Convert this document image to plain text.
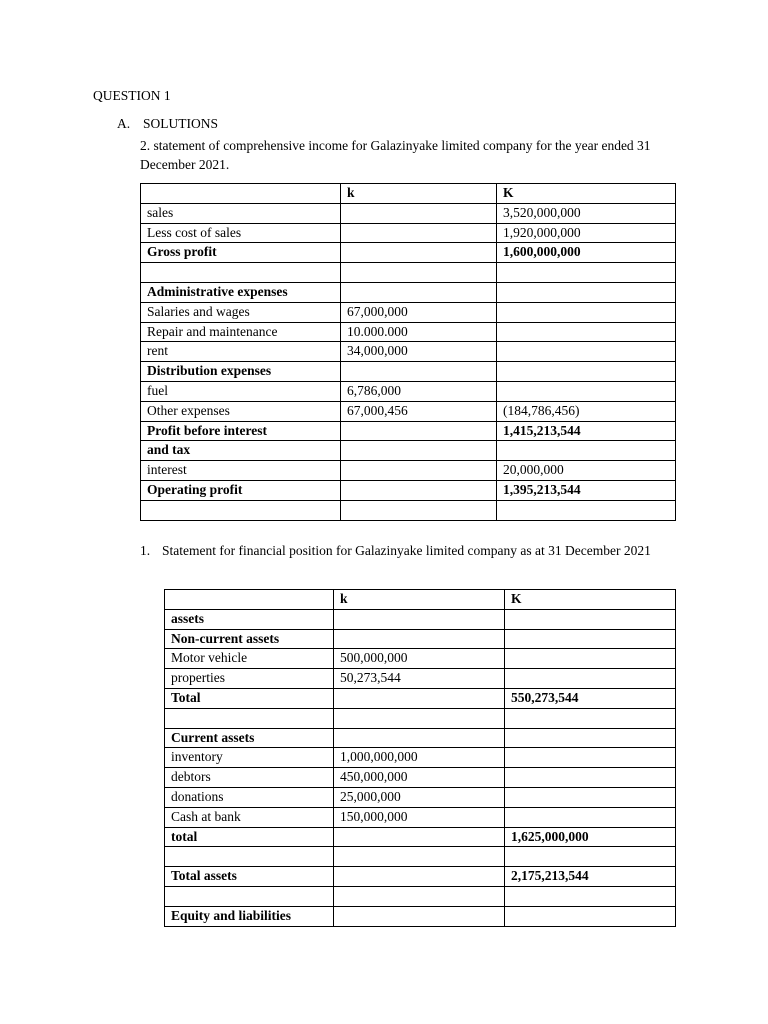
QUESTION 1
A. SOLUTIONS
2. statement of comprehensive income for Galazinyake limited company for the year ended 31 December 2021.
	k	K
sales		3,520,000,000
Less cost of sales		1,920,000,000
Gross profit		1,600,000,000

Administrative expenses		
Salaries and wages	67,000,000	
Repair and maintenance	10.000.000	
rent	34,000,000	
Distribution expenses		
fuel	6,786,000	
Other expenses	67,000,456	(184,786,456)
Profit before interest		1,415,213,544
and tax		
interest		20,000,000
Operating profit		1,395,213,544

1. Statement for financial position for Galazinyake limited company as at 31 December 2021
	k	K
assets		
Non-current assets		
Motor vehicle	500,000,000	
properties	50,273,544	
Total		550,273,544

Current assets		
inventory	1,000,000,000	
debtors	450,000,000	
donations	25,000,000	
Cash at bank	150,000,000	
total		1,625,000,000

Total assets		2,175,213,544

Equity and liabilities		
